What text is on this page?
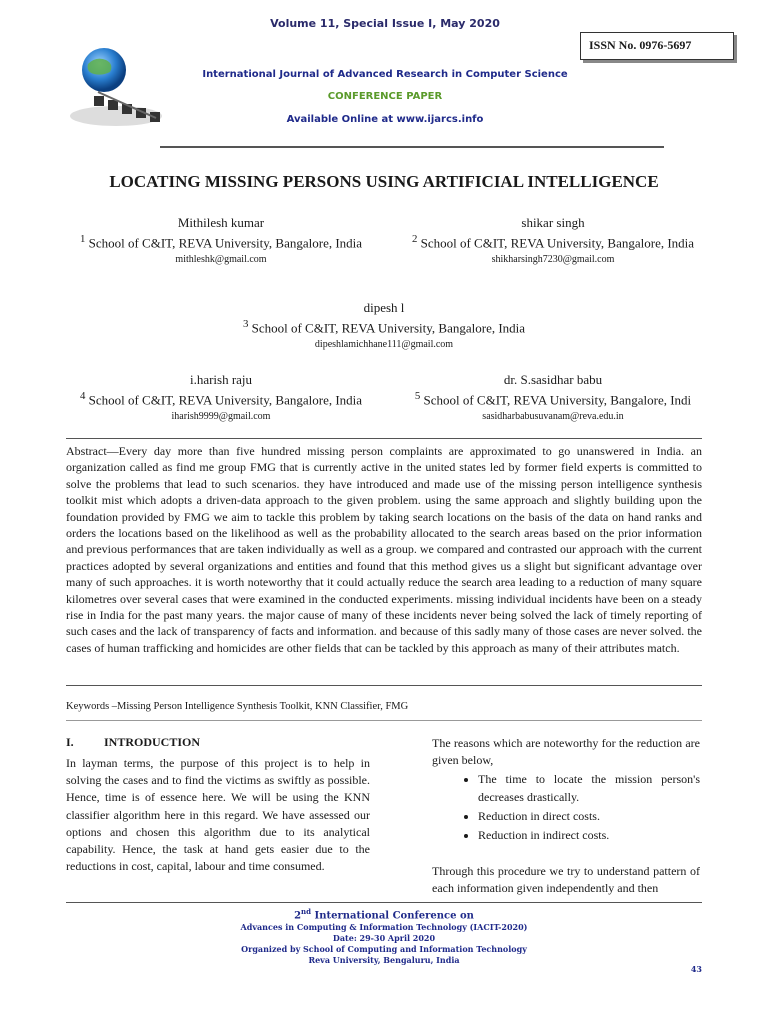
Volume 11, Special Issue I, May 2020
International Journal of Advanced Research in Computer Science
CONFERENCE PAPER
Available Online at www.ijarcs.info
ISSN No. 0976-5697
LOCATING MISSING PERSONS USING ARTIFICIAL INTELLIGENCE
Mithilesh kumar
$^1$ School of C&IT, REVA University, Bangalore, India
mithleshk@gmail.com
shikar singh
$^2$ School of C&IT, REVA University, Bangalore, India
shikharsingh7230@gmail.com
dipesh l
$^3$ School of C&IT, REVA University, Bangalore, India
dipeshlamichhane111@gmail.com
i.harish raju
$^4$ School of C&IT, REVA University, Bangalore, India
iharish9999@gmail.com
dr. S.sasidhar babu
$^5$ School of C&IT, REVA University, Bangalore, Indi
sasidharbabusuvanam@reva.edu.in
Abstract—Every day more than five hundred missing person complaints are approximated to go unanswered in India. an organization called as find me group FMG that is currently active in the united states led by former field experts is committed to solve the problems that lead to such scenarios. they have introduced and made use of the missing person intelligence synthesis toolkit mist which adopts a driven-data approach to the given problem. using the same approach and slightly building upon the foundation provided by FMG we aim to tackle this problem by taking search locations on the basis of the data on hand ranks and orders the locations based on the likelihood as well as the probability allocated to the search areas based on the prior information and previous performances that are taken individually as well as a group. we compared and contrasted our approach with the current practices adopted by several organizations and entities and found that this method gives us a slight but significant advantage over many of such approaches. it is worth noteworthy that it could actually reduce the search area leading to a reduction of many square kilometres over several cases that were examined in the conducted experiments. missing individual incidents have been on a steady rise in India for the past many years. the major cause of many of these incidents never being solved the lack of timely reporting of such cases and the lack of transparency of facts and information. and because of this sadly many of those cases are never solved. the cases of human trafficking and homicides are other fields that can be tackled by this approach as many of their attributes match.
Keywords –Missing Person Intelligence Synthesis Toolkit, KNN Classifier, FMG
I.	INTRODUCTION
In layman terms, the purpose of this project is to help in solving the cases and to find the victims as swiftly as possible. Hence, time is of essence here. We will be using the KNN classifier algorithm here in this regard. We have assessed our options and chosen this algorithm due to its analytical capability. Hence, the task at hand gets easier due to the reductions in cost, capital, labour and time consumed.

The reasons which are noteworthy for the reduction are given below,

• The time to locate the mission person's decreases drastically.
• Reduction in direct costs.
• Reduction in indirect costs.

Through this procedure we try to understand pattern of each information given independently and then

2nd International Conference on
Advances in Computing & Information Technology (IACIT-2020)
Date: 29-30 April 2020
Organized by School of Computing and Information Technology
Reva University, Bengaluru, India
43
